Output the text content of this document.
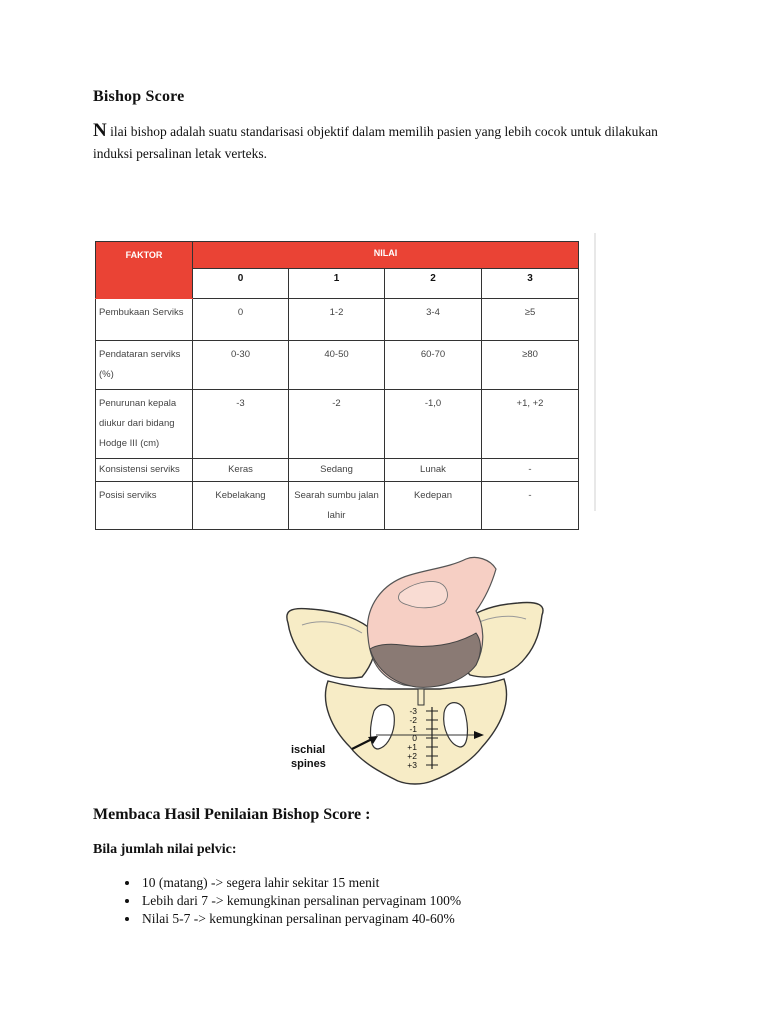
Bishop Score
N ilai bishop adalah suatu standarisasi objektif dalam memilih pasien yang lebih cocok untuk dilakukan induksi persalinan letak verteks.
FAKTOR	NILAI			
	0	1	2	3
Pembukaan Serviks	0	1-2	3-4	≥5
Pendataran serviks (%)	0-30	40-50	60-70	≥80
Penurunan kepala diukur dari bidang Hodge III (cm)	-3	-2	-1,0	+1, +2
Konsistensi serviks	Keras	Sedang	Lunak	-
Posisi serviks	Kebelakang	Searah sumbu jalan lahir	Kedepan	-
-3
-2
-1
0
+1
+2
+3
ischial
spines
Membaca Hasil Penilaian Bishop Score :
Bila jumlah nilai pelvic:
• 10 (matang) -> segera lahir sekitar 15 menit
• Lebih dari 7 -> kemungkinan persalinan pervaginam 100%
• Nilai 5-7 -> kemungkinan persalinan pervaginam 40-60%
